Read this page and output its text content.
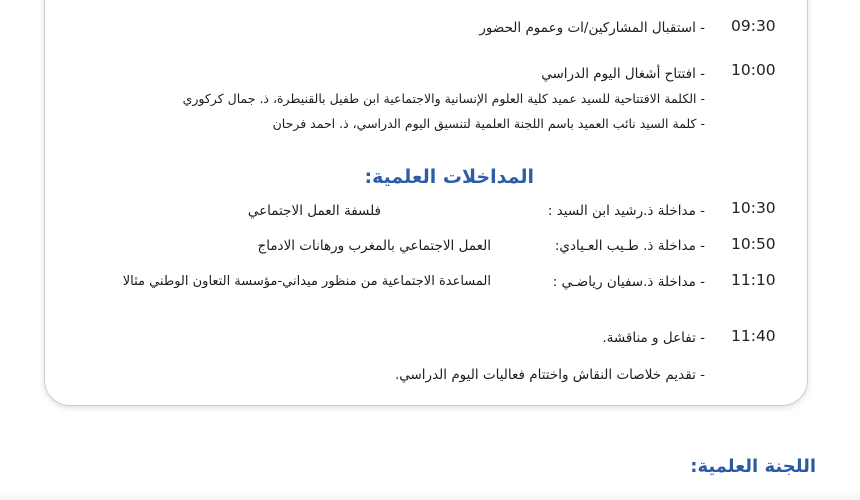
09:30
- استقبال المشاركين/ات وعموم الحضور
10:00
- افتتاح أشغال اليوم الدراسي
- الكلمة الافتتاحية للسيد عميد كلية العلوم الإنسانية والاجتماعية ابن طفيل بالقنيطرة، ذ. جمال كركوري
- كلمة السيد نائب العميد باسم اللجنة العلمية لتنسيق اليوم الدراسي، ذ. احمد فرحان
المداخلات العلمية:
10:30
- مداخلة ذ.رشيد ابن السيد :
فلسفة العمل الاجتماعي
10:50
- مداخلة ذ. طـيب العـيادي:
العمل الاجتماعي بالمغرب ورهانات الادماج
11:10
- مداخلة ذ.سفيان رياضـي :
المساعدة الاجتماعية من منظور ميداني-مؤسسة التعاون الوطني مثالا
11:40
- تفاعل و مناقشة.
- تقديم خلاصات النقاش واختتام فعاليات اليوم الدراسي.
اللجنة العلمية:
